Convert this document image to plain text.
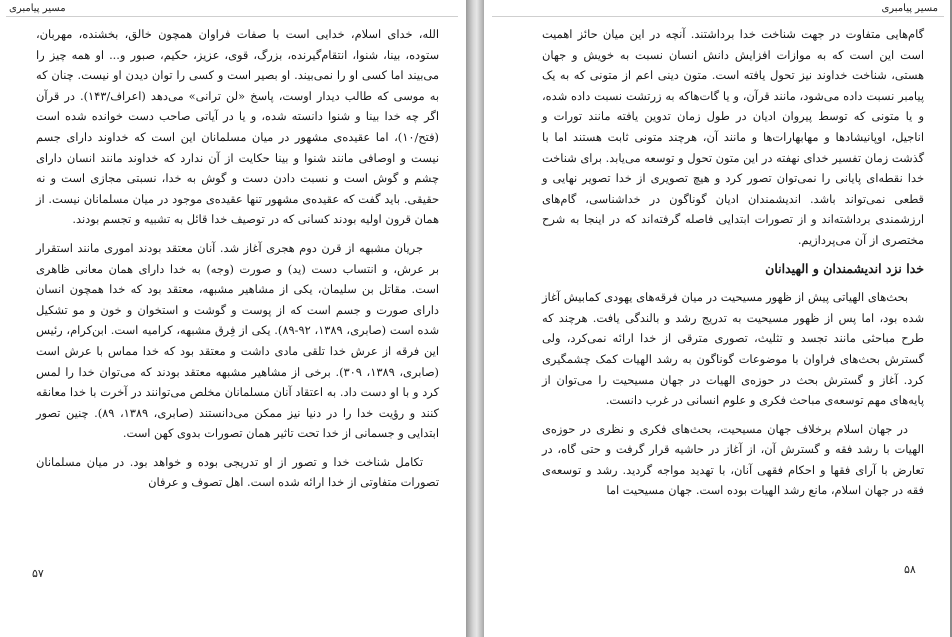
مسیر پیامبری

الله، خدای اسلام، خدایی است با صفات فراوان همچون خالق، بخشنده، مهربان، ستوده، بینا، شنوا، انتقام‌گیرنده، بزرگ، قوی، عزیز، حکیم، صبور و... او همه چیز را می‌بیند اما کسی او را نمی‌بیند. او بصیر است و کسی را توان دیدن او نیست. چنان که به موسی که طالب دیدار اوست، پاسخ «لن ترانی» می‌دهد (اعراف/۱۴۳). در قرآن اگر چه خدا بینا و شنوا دانسته شده، و یا در آیاتی صاحب دست خوانده شده است (فتح/۱۰)، اما عقیده‌ی مشهور در میان مسلمانان این است که خداوند دارای جسم نیست و اوصافی مانند شنوا و بینا حکایت از آن ندارد که خداوند مانند انسان دارای چشم و گوش است و نسبت دادن دست و گوش به خدا، نسبتی مجازی است و نه حقیقی. باید گفت که عقیده‌ی مشهور تنها عقیده‌ی موجود در میان مسلمانان نیست. از همان قرون اولیه بودند کسانی که در توصیف خدا قائل به تشبیه و تجسم بودند.

جریان مشبهه از قرن دوم هجری آغاز شد. آنان معتقد بودند اموری مانند استقرار بر عرش، و انتساب دست (ید) و صورت (وجه) به خدا دارای همان معانی ظاهری است. مقاتل بن سلیمان، یکی از مشاهیر مشبهه، معتقد بود که خدا همچون انسان دارای صورت و جسم است که از پوست و گوشت و استخوان و خون و مو تشکیل شده است (صابری، ۱۳۸۹، ۹۲-۸۹). یکی از فِرق مشبهه، کرامیه است. ابن‌کرام، رئیس این فرقه از عرش خدا تلقی مادی داشت و معتقد بود که خدا مماس با عرش است (صابری، ۱۳۸۹، ۳۰۹). برخی از مشاهیر مشبهه معتقد بودند که می‌توان خدا را لمس کرد و با او دست داد. به اعتقاد آنان مسلمانان مخلص می‌توانند در آخرت با خدا معانقه کنند و رؤیت خدا را در دنیا نیز ممکن می‌دانستند (صابری، ۱۳۸۹، ۸۹). چنین تصور ابتدایی و جسمانی از خدا تحت تاثیر همان تصورات بدوی کهن است.

تکامل شناخت خدا و تصور از او تدریجی بوده و خواهد بود. در میان مسلمانان تصورات متفاوتی از خدا ارائه شده است. اهل تصوف و عرفان

۵۷
مسیر پیامبری

گام‌هایی متفاوت در جهت شناخت خدا برداشتند. آنچه در این میان حائز اهمیت است این است که به موازات افزایش دانش انسان نسبت به خویش و جهان هستی، شناخت خداوند نیز تحول یافته است. متون دینی اعم از متونی که به یک پیامبر نسبت داده می‌شود، مانند قرآن، و یا گات‌هاکه به زرتشت نسبت داده شده، و یا متونی که توسط پیروان ادیان در طول زمان تدوین یافته مانند تورات و اناجیل، اوپانیشادها و مهابهارات‌ها و مانند آن، هرچند متونی ثابت هستند اما با گذشت زمان تفسیر خدای نهفته در این متون تحول و توسعه می‌یابد. برای شناخت خدا نقطه‌ای پایانی را نمی‌توان تصور کرد و هیچ تصویری از خدا تصویر نهایی و قطعی نمی‌تواند باشد. اندیشمندان ادیان گوناگون در خداشناسی، گام‌های ارزشمندی برداشته‌اند و از تصورات ابتدایی فاصله گرفته‌اند که در اینجا به شرح مختصری از آن می‌پردازیم.

خدا نزد اندیشمندان و الهیدانان

بحث‌های الهیاتی پیش از ظهور مسیحیت در میان فرقه‌های یهودی کمابیش آغاز شده بود، اما پس از ظهور مسیحیت به تدریج رشد و بالندگی یافت. هرچند که طرح مباحثی مانند تجسد و تثلیث، تصوری مترقی از خدا ارائه نمی‌کرد، ولی گسترش بحث‌های فراوان با موضوعات گوناگون به رشد الهیات کمک چشمگیری کرد. آغاز و گسترش بحث در حوزه‌ی الهیات در جهان مسیحیت را می‌توان از پایه‌های مهم توسعه‌ی مباحث فکری و علوم انسانی در غرب دانست.

در جهان اسلام برخلاف جهان مسیحیت، بحث‌های فکری و نظری در حوزه‌ی الهیات با رشد فقه و گسترش آن، از آغاز در حاشیه قرار گرفت و حتی گاه، در تعارض با آرای فقها و احکام فقهی آنان، با تهدید مواجه گردید. رشد و توسعه‌ی فقه در جهان اسلام، مانع رشد الهیات بوده است. جهان مسیحیت اما

۵۸
